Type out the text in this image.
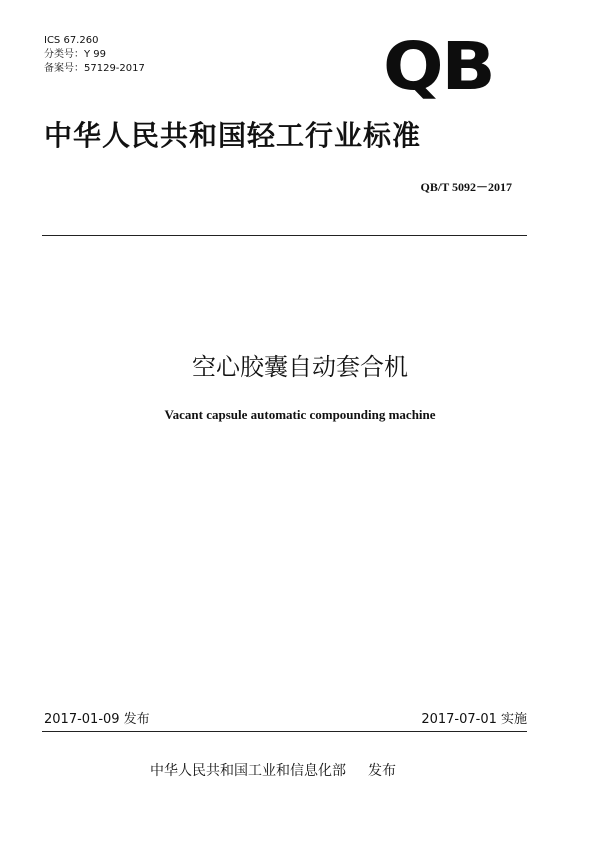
ICS 67.260
分类号：Y 99
备案号：57129-2017	QB
中华人民共和国轻工行业标准
QB/T 5092－2017
空心胶囊自动套合机
Vacant capsule automatic compounding machine
2017-01-09 发布	2017-07-01 实施
中华人民共和国工业和信息化部 发布
